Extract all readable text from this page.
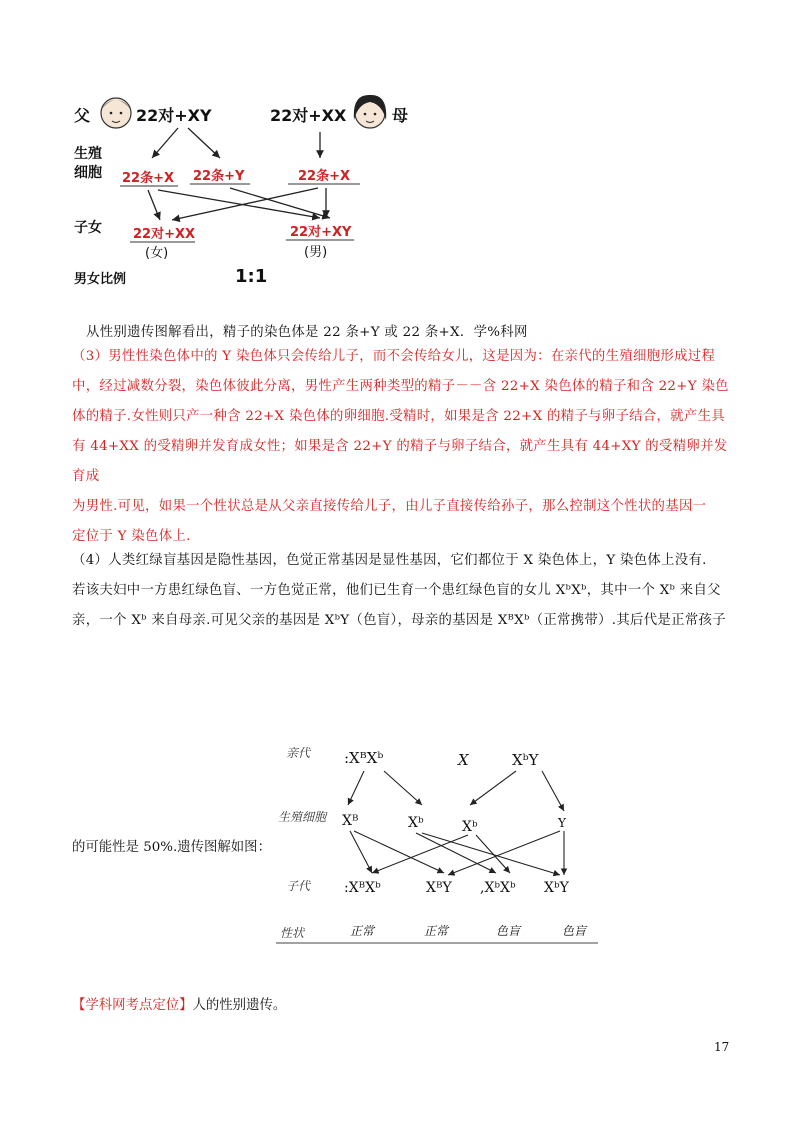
父	22对+XY	22对+XX	母
生殖
细胞 22条+X 22条+Y	22条+X
子女 22对+XX
(女)
22对+XY
(男)
男女比例	1:1
从性别遗传图解看出，精子的染色体是 22 条+Y 或 22 条+X．学%科网
（3）男性性染色体中的 Y 染色体只会传给儿子，而不会传给女儿，这是因为：在亲代的生殖细胞形成过程
中，经过减数分裂，染色体彼此分离，男性产生两种类型的精子－－含 22+X 染色体的精子和含 22+Y 染色
体的精子.女性则只产一种含 22+X 染色体的卵细胞.受精时，如果是含 22+X 的精子与卵子结合，就产生具
有 44+XX 的受精卵并发育成女性；如果是含 22+Y 的精子与卵子结合，就产生具有 44+XY 的受精卵并发育成
为男性.可见，如果一个性状总是从父亲直接传给儿子，由儿子直接传给孙子，那么控制这个性状的基因一
定位于 Y 染色体上.
（4）人类红绿盲基因是隐性基因，色觉正常基因是显性基因，它们都位于 X 染色体上，Y 染色体上没有.
若该夫妇中一方患红绿色盲、一方色觉正常，他们已生育一个患红绿色盲的女儿 XᵇXᵇ，其中一个 Xᵇ 来自父
亲，一个 Xᵇ 来自母亲.可见父亲的基因是 XᵇY（色盲），母亲的基因是 XᴮXᵇ（正常携带）.其后代是正常孩子
的可能性是 50%.遗传图解如图：
亲代 :XᴮXᵇ	X	XᵇY
生殖细胞 Xᴮ	Xᵇ	Xᵇ	Y
子代 :XᴮXᵇ	XᴮY ,XᵇXᵇ XᵇY
性状	正常	正常	色盲	色盲
【学科网考点定位】人的性别遗传。
17
